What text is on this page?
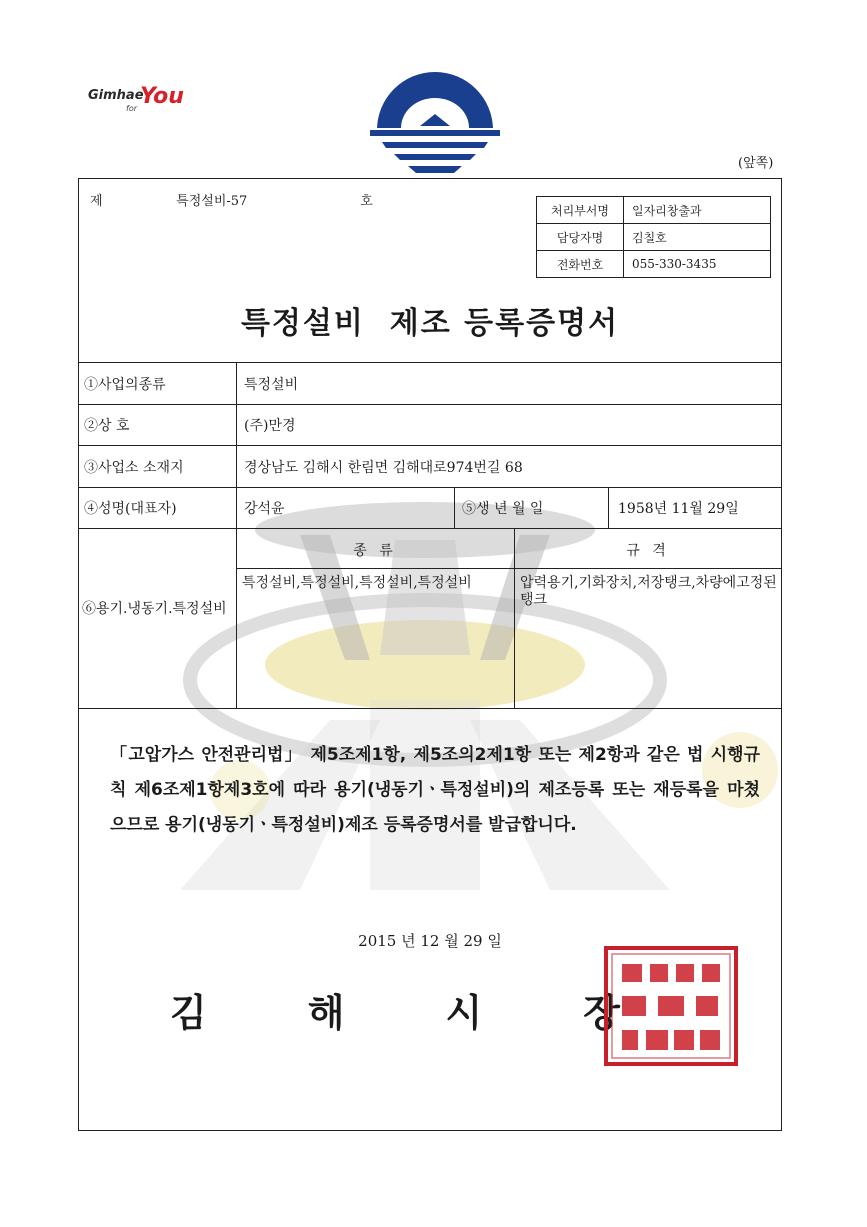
Gimhae
for You
(앞쪽)
제	특정설비-57	호
처리부서명	일자리창출과
담당자명	김칠호
전화번호	055-330-3435
특정설비  제조 등록증명서
①사업의종류	특정설비
②상 호	(주)만경
③사업소 소재지	경상남도 김해시 한림면 김해대로974번길 68
④성명(대표자)	강석윤	⑤생 년 월 일	1958년 11월 29일
⑥용기.냉동기.특정설비
종 류	규 격
특정설비,특정설비,특정설비,특정설비	압력용기,기화장치,저장탱크,차량에고정된탱크

「고압가스 안전관리법」 제5조제1항, 제5조의2제1항 또는 제2항과 같은 법 시행규칙 제6조제1항제3호에 따라 용기(냉동기ㆍ특정설비)의 제조등록 또는 재등록을 마쳤으므로 용기(냉동기ㆍ특정설비)제조 등록증명서를 발급합니다.

2015 년 12 월 29 일
김	해	시	장
